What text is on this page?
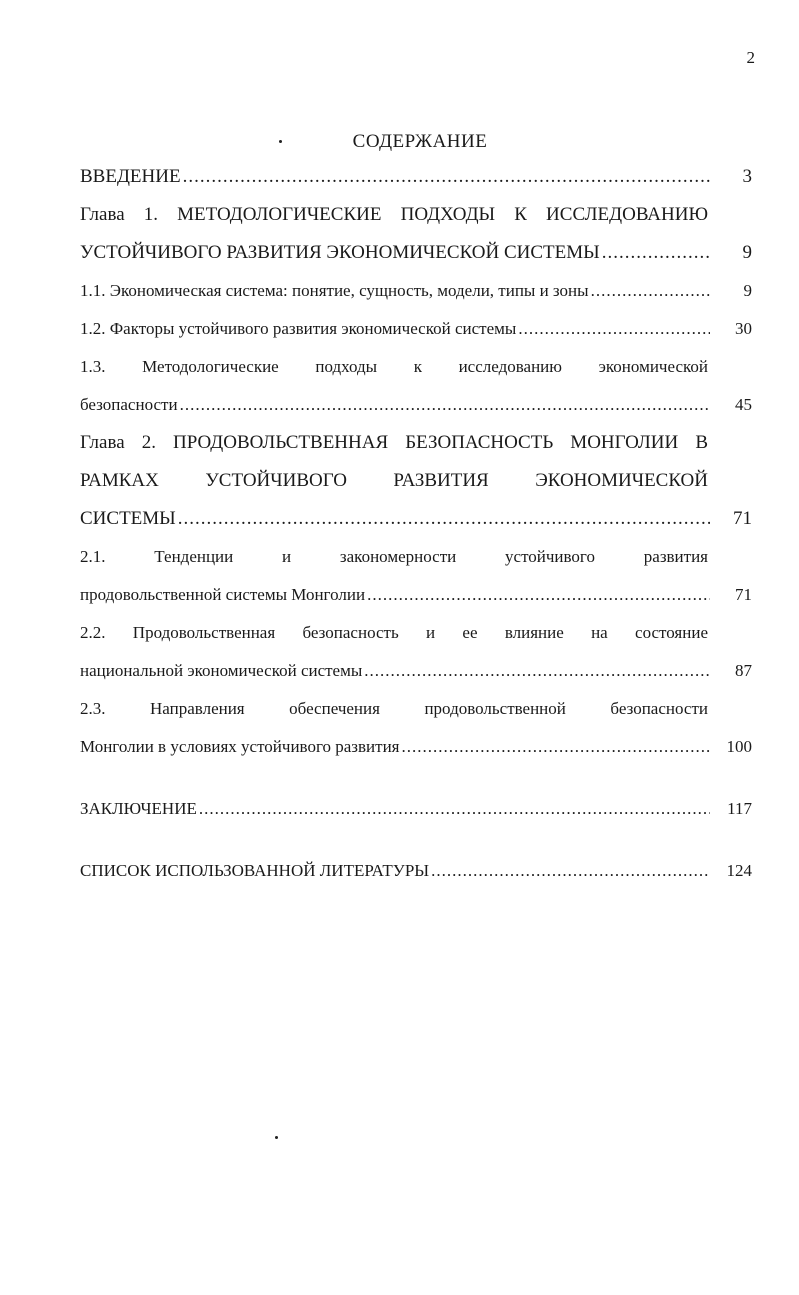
2
СОДЕРЖАНИЕ
ВВЕДЕНИЕ .....	3
Глава 1. МЕТОДОЛОГИЧЕСКИЕ ПОДХОДЫ К ИССЛЕДОВАНИЮ
УСТОЙЧИВОГО РАЗВИТИЯ ЭКОНОМИЧЕСКОЙ СИСТЕМЫ .....	9
1.1. Экономическая система: понятие, сущность, модели, типы и зоны .....	9
1.2. Факторы устойчивого развития экономической системы .....	30
1.3. Методологические подходы к исследованию экономической
безопасности .....	45
Глава 2. ПРОДОВОЛЬСТВЕННАЯ БЕЗОПАСНОСТЬ МОНГОЛИИ В
РАМКАХ УСТОЙЧИВОГО РАЗВИТИЯ ЭКОНОМИЧЕСКОЙ
СИСТЕМЫ .....	71
2.1. Тенденции и закономерности устойчивого развития
продовольственной системы Монголии .....	71
2.2. Продовольственная безопасность и ее влияние на состояние
национальной экономической системы .....	87
2.3. Направления обеспечения продовольственной безопасности
Монголии в условиях устойчивого развития .....	100
ЗАКЛЮЧЕНИЕ .....	117
СПИСОК ИСПОЛЬЗОВАННОЙ ЛИТЕРАТУРЫ .....	124
